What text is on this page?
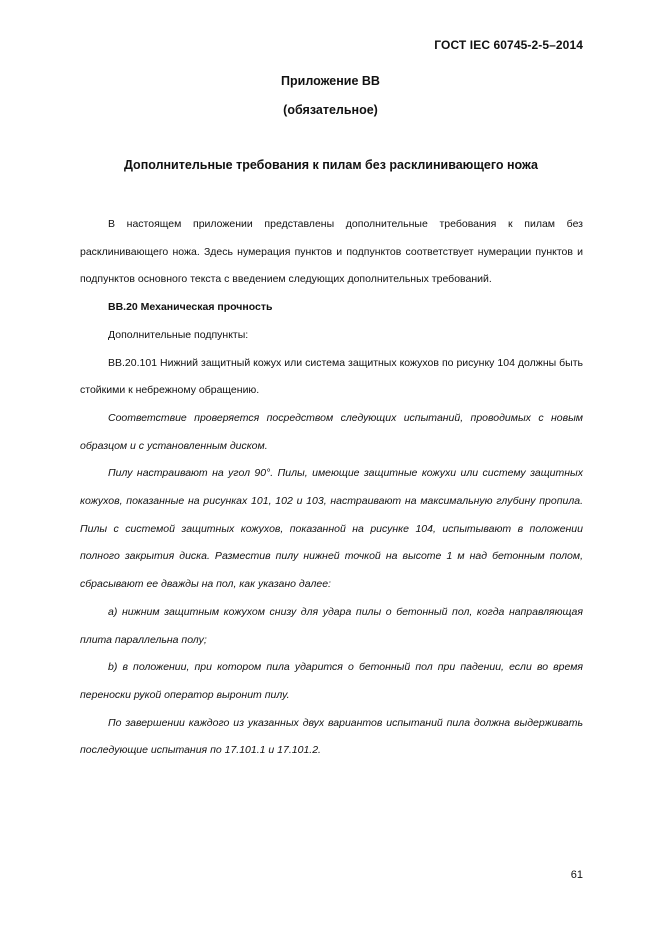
ГОСТ IEC 60745-2-5–2014
Приложение ВВ
(обязательное)
Дополнительные требования к пилам без расклинивающего ножа

В настоящем приложении представлены дополнительные требования к пилам без расклинивающего ножа. Здесь нумерация пунктов и подпунктов соответствует нумерации пунктов и подпунктов основного текста с введением следующих дополнительных требований.

ВВ.20 Механическая прочность

Дополнительные подпункты:

ВВ.20.101 Нижний защитный кожух или система защитных кожухов по рисунку 104 должны быть стойкими к небрежному обращению.

Соответствие проверяется посредством следующих испытаний, проводимых с новым образцом и с установленным диском.

Пилу настраивают на угол 90°. Пилы, имеющие защитные кожухи или систему защитных кожухов, показанные на рисунках 101, 102 и 103, настраивают на максимальную глубину пропила. Пилы с системой защитных кожухов, показанной на рисунке 104, испытывают в положении полного закрытия диска. Разместив пилу нижней точкой на высоте 1 м над бетонным полом, сбрасывают ее дважды на пол, как указано далее:

a) нижним защитным кожухом снизу для удара пилы о бетонный пол, когда направляющая плита параллельна полу;

b) в положении, при котором пила ударится о бетонный пол при падении, если во время переноски рукой оператор выронит пилу.

По завершении каждого из указанных двух вариантов испытаний пила должна выдерживать последующие испытания по 17.101.1 и 17.101.2.

61
